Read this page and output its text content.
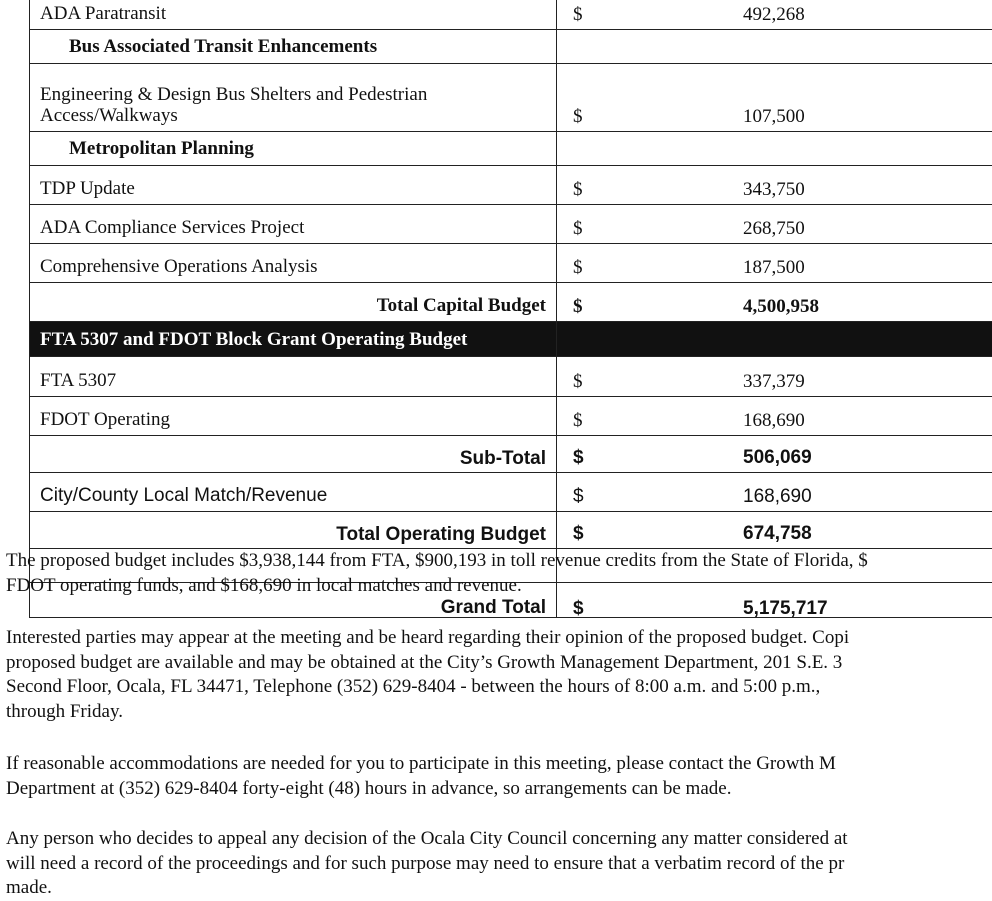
ADA Paratransit	$ 492,268

Bus Associated Transit Enhancements	
Engineering & Design Bus Shelters and Pedestrian Access/Walkways	$ 107,500

Metropolitan Planning	
TDP Update	$ 343,750

ADA Compliance Services Project	$ 268,750

Comprehensive Operations Analysis	$ 187,500

Total Capital Budget	$ 4,500,958

FTA 5307 and FDOT Block Grant Operating Budget	
FTA 5307	$ 337,379

FDOT Operating	$ 168,690

Sub-Total	$ 506,069

City/County Local Match/Revenue	$ 168,690

Total Operating Budget	$ 674,758

Grand Total	$ 5,175,717
The proposed budget includes $3,938,144 from FTA, $900,193 in toll revenue credits from the State of Florida, $
FDOT operating funds, and $168,690 in local matches and revenue.
Interested parties may appear at the meeting and be heard regarding their opinion of the proposed budget. Copi
proposed budget are available and may be obtained at the City’s Growth Management Department, 201 S.E. 3
Second Floor, Ocala, FL 34471, Telephone (352) 629-8404 - between the hours of 8:00 a.m. and 5:00 p.m.,
through Friday.
If reasonable accommodations are needed for you to participate in this meeting, please contact the Growth M
Department at (352) 629-8404 forty-eight (48) hours in advance, so arrangements can be made.
Any person who decides to appeal any decision of the Ocala City Council concerning any matter considered at
will need a record of the proceedings and for such purpose may need to ensure that a verbatim record of the pr
made.
